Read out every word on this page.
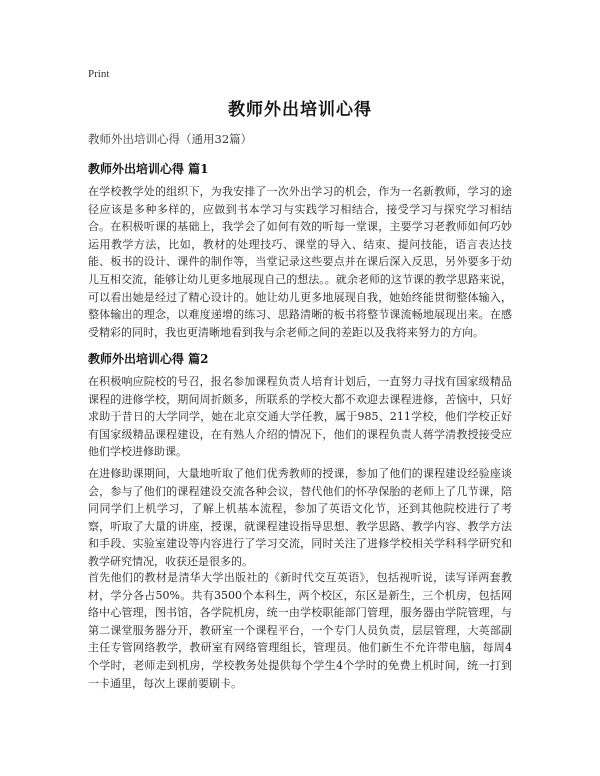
Print
教师外出培训心得
教师外出培训心得（通用32篇）
教师外出培训心得 篇1
在学校教学处的组织下，为我安排了一次外出学习的机会，作为一名新教师，学习的途径应该是多种多样的，应做到书本学习与实践学习相结合，接受学习与探究学习相结合。在积极听课的基础上，我学会了如何有效的听每一堂课，主要学习老教师如何巧妙运用教学方法，比如，教材的处理技巧、课堂的导入、结束、提问技能，语言表达技能、板书的设计、课件的制作等，当堂记录这些要点并在课后深入反思，另外要多于幼儿互相交流，能够让幼儿更多地展现自己的想法。。就余老师的这节课的教学思路来说，可以看出她是经过了精心设计的。她让幼儿更多地展现自我，她始终能贯彻整体输入，整体输出的理念，以难度递增的练习、思路清晰的板书将整节课流畅地展现出来。在感受精彩的同时，我也更清晰地看到我与余老师之间的差距以及我将来努力的方向。
教师外出培训心得 篇2
在积极响应院校的号召，报名参加课程负责人培育计划后，一直努力寻找有国家级精品课程的进修学校，期间周折颇多，所联系的学校大都不欢迎去课程进修，苦恼中，只好求助于昔日的大学同学，她在北京交通大学任教，属于985、211学校，他们学校正好有国家级精品课程建设，在有熟人介绍的情况下，他们的课程负责人蒋学清教授接受应他们学校进修助课。
在进修助课期间，大量地听取了他们优秀教师的授课，参加了他们的课程建设经验座谈会，参与了他们的课程建设交流各种会议，替代他们的怀孕保胎的老师上了几节课，陪同同学们上机学习，了解上机基本流程，参加了英语文化节，还到其他院校进行了考察，听取了大量的讲座，授课，就课程建设指导思想、教学思路、教学内容、教学方法和手段、实验室建设等内容进行了学习交流，同时关注了进修学校相关学科科学研究和教学研究情况，收获还是很多的。
首先他们的教材是清华大学出版社的《新时代交互英语》，包括视听说，读写译两套教材，学分各占50%。共有3500个本科生，两个校区，东区是新生，三个机房，包括网络中心管理，图书馆，各学院机房，统一由学校职能部门管理，服务器由学院管理，与第二课堂服务器分开，教研室一个课程平台，一个专门人员负责，层层管理，大英部副主任专管网络教学，教研室有网络管理组长，管理员。他们新生不允许带电脑，每周4个学时，老师走到机房，学校教务处提供每个学生4个学时的免费上机时间，统一打到一卡通里，每次上课前要刷卡。
